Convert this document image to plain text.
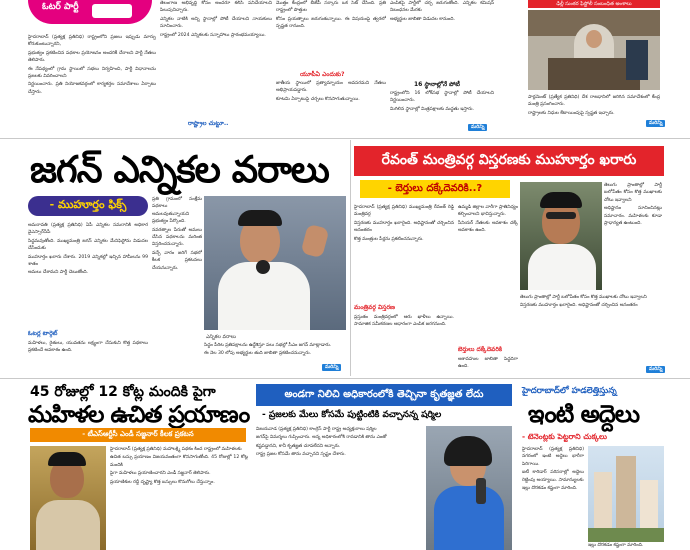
ఓటర్ పార్టీ

హైదరాబాద్ (ప్రత్యక్ష ప్రతినిధి) రాష్ట్రంలోని ప్రజలు ఇప్పుడు మార్పు కోరుకుంటున్నారని,

ప్రభుత్వం ప్రకటించిన పథకాల ప్రయోజనం అందరికీ చేరాలని పార్టీ నేతలు తెలిపారు.

ఈ నేపథ్యంలో గ్రామ స్థాయిలో సభలు నిర్వహించి, పార్టీ విధానాలను ప్రజలకు వివరించాలని

నిర్ణయించారు. ప్రతి నియోజకవర్గంలో కార్యకర్తల సమావేశాలు ఏర్పాటు చేస్తారు.

తెలంగాణ అభివృద్ధి కోసం అందరూ కలిసి పనిచేయాలని పిలుపునిచ్చారు.

ఎన్నికల నాటికి అన్ని స్థానాల్లో పోటీ చేయాలని నాయకులు సూచించారు.

రాష్ట్రంలో 2024 ఎన్నికలకు సన్నాహాలు ప్రారంభమయ్యాయి.

రాష్ట్రాల చుట్టూ..

మొత్తం కేంద్రంలో బీజేపీ సర్కారు ఒక సెట్ చేసింది. ప్రతి రాష్ట్రంలో పొత్తుల

కోసం ప్రయత్నాలు జరుగుతున్నాయి. ఈ విషయంపై త్వరలో స్పష్టత రానుంది.

యూపీఏ ఎందుకు?

జాతీయ స్థాయిలో ప్రత్యామ్నాయం అవసరమని నేతలు అభిప్రాయపడ్డారు.

కూటమి ఏర్పాటుపై చర్చలు కొనసాగుతున్నాయి.

ఎంపికపై పార్టీలో చర్చ జరుగుతోంది. ఎన్నికల కమిషన్ నిబంధనల మేరకు

అభ్యర్థుల జాబితా విడుదల కానుంది.

16 స్థానాల్లోనే పోటీ

రాష్ట్రంలోని 16 లోక్‌సభ స్థానాల్లో పోటీ చేయాలని నిర్ణయించారు.

మిగిలిన స్థానాల్లో మిత్రపక్షాలకు మద్దతు ఇస్తారు.

మరిన్ని
ఢిల్లీ సుంకర ఫిస్టోలీ సంబంధిత అంశాలు

పార్లమెంట్ (ప్రత్యేక ప్రతినిధి) దేశ రాజధానిలో జరిగిన సమావేశంలో కేంద్ర మంత్రి ప్రసంగించారు.

రాష్ట్రాలకు నిధుల కేటాయింపుపై స్పష్టత ఇచ్చారు.

మరిన్ని
జగన్ ఎన్నికల వరాలు
- ముహూర్తం ఫిక్స్

అమరావతి (ప్రత్యక్ష ప్రతినిధి) ఏపీ ఎన్నికల సమరానికి అధికార వైఎస్సార్‌సీపీ

సిద్ధమవుతోంది. ముఖ్యమంత్రి జగన్ ఎన్నికల మేనిఫెస్టోను విడుదల చేసేందుకు

ముహూర్తం ఖరారు చేశారు. 2019 ఎన్నికల్లో ఇచ్చిన హామీలను 99 శాతం

అమలు చేశామని పార్టీ చెబుతోంది.

ఓటర్ల టార్గెట్

మహిళలు, రైతులు, యువతను లక్ష్యంగా చేసుకుని కొత్త పథకాలు ప్రకటించే అవకాశం ఉంది.

ప్రతి గ్రామంలో సంక్షేమ పథకాలు అమలవుతున్నాయని ప్రభుత్వం పేర్కొంది.

నవరత్నాల పేరుతో అమలు చేసిన పథకాలను మరింత విస్తరించనున్నారు.

వచ్చే వారం జరిగే సభలో కీలక ప్రకటనలు చేయనున్నారు.

ఎన్నికల వరాలు

సిద్ధం పేరిట ప్రతిపక్షాలను ఉద్దేశిస్తూ పలు సభల్లో సీఎం జగన్ మాట్లాడారు.

ఈ నెల 30 లోపు అభ్యర్థుల తుది జాబితా ప్రకటించనున్నారు.

మరిన్ని
రేవంత్ మంత్రివర్గ విస్తరణకు ముహూర్తం ఖరారు
- బెర్తులు దక్కేదెవరికి..?

హైదరాబాద్ (ప్రత్యక్ష ప్రతినిధి) ముఖ్యమంత్రి రేవంత్ రెడ్డి మంత్రివర్గ

విస్తరణకు ముహూర్తం ఖరారైంది. అధిష్టానంతో చర్చించిన అనంతరం

కొత్త మంత్రుల పేర్లను ప్రకటించనున్నారు.

మంత్రివర్గ విస్తరణ

ప్రస్తుతం మంత్రివర్గంలో ఆరు ఖాళీలు ఉన్నాయి. సామాజిక సమీకరణల ఆధారంగా ఎంపిక జరగనుంది.

ఉమ్మడి జిల్లాల వారీగా ప్రాతినిధ్యం కల్పించాలని భావిస్తున్నారు.

సీనియర్ నేతలకు అవకాశం దక్కే అవకాశం ఉంది.

బెర్తులు దక్కేదెవరికి

ఆశావహుల జాబితా పెద్దదిగా ఉంది.

తెలుగు ప్రాంతాల్లో పార్టీ బలోపేతం కోసం కొత్త ముఖాలకు చోటు ఇవ్వాలని

అధిష్టానం సూచించినట్లు సమాచారం. మహిళలకు కూడా ప్రాధాన్యత ఉంటుంది.

తెలుగు ప్రాంతాల్లో పార్టీ బలోపేతం కోసం కొత్త ముఖాలకు చోటు ఇవ్వాలని

విస్తరణకు ముహూర్తం ఖరారైంది. అధిష్టానంతో చర్చించిన అనంతరం

మరిన్ని
45 రోజుల్లో 12 కోట్ల మందికి పైగా
మహిళల ఉచిత ప్రయాణం
- టీఎస్ఆర్టీసీ ఎండీ సజ్జనార్ కీలక ప్రకటన

హైదరాబాద్ (ప్రత్యక్ష ప్రతినిధి) మహాలక్ష్మి పథకం కింద రాష్ట్రంలో మహిళలకు

ఉచిత బస్సు ప్రయాణం విజయవంతంగా కొనసాగుతోంది. 45 రోజుల్లో 12 కోట్ల మందికి

పైగా మహిళలు ప్రయాణించారని ఎండీ సజ్జనార్ తెలిపారు.

ప్రయాణికుల రద్దీ దృష్ట్యా కొత్త బస్సులు కొనుగోలు చేస్తున్నాం.

అండగా నిలిచి అధికారంలోకి తెచ్చినా కృతజ్ఞత లేదు
- ప్రజలకు మేలు కోసమే పుట్టింటికి వచ్చానన్న షర్మిల

విజయవాడ (ప్రత్యక్ష ప్రతినిధి) కాంగ్రెస్ పార్టీ రాష్ట్ర అధ్యక్షురాలు షర్మిల

జగన్‌పై విమర్శలు గుప్పించారు. అన్న అధికారంలోకి రావడానికి తాను ఎంతో

కష్టపడ్డానని, కానీ కృతజ్ఞత చూపలేదని అన్నారు.

రాష్ట్ర ప్రజల కోసమే తాను వచ్చానని స్పష్టం చేశారు.

హైదరాబాద్‌లో హడలెత్తిస్తున్న
ఇంటి అద్దెలు
- టెనెంట్లకు పెట్టరాని చుక్కలు

హైదరాబాద్ (ప్రత్యక్ష ప్రతినిధి) నగరంలో ఇంటి అద్దెలు భారీగా పెరిగాయి.

ఐటీ కారిడార్ పరిసరాల్లో అద్దెలు రెట్టింపు అయ్యాయి. సామాన్యులకు

ఇల్లు దొరకడం కష్టంగా మారింది.

ఇల్లు దొరకడం కష్టంగా మారింది.
